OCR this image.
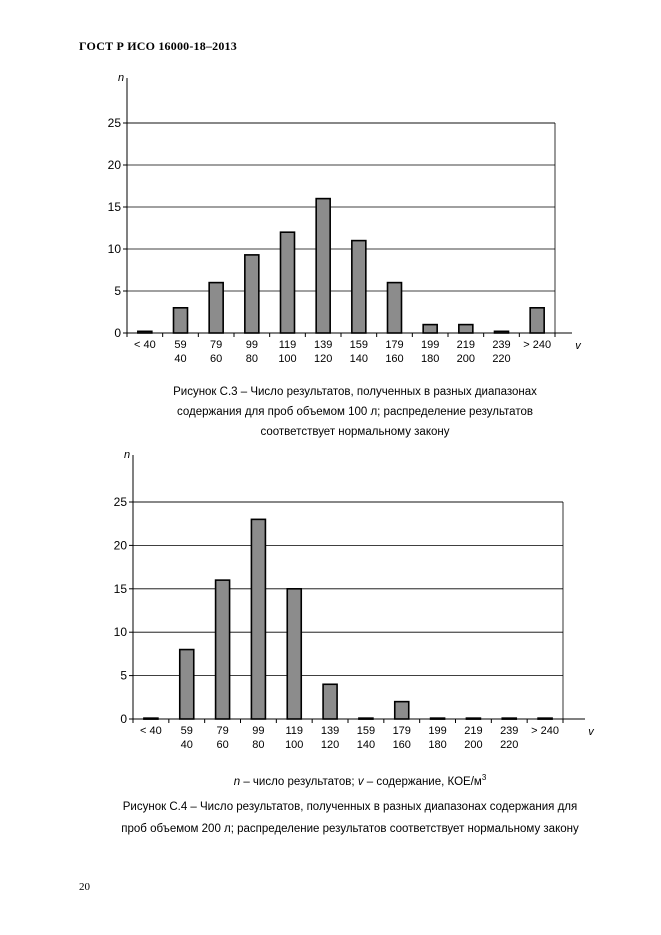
ГОСТ Р ИСО 16000-18–2013
0
5
10
15
20
25
< 40 59
40
79
60
99
80
119
100
139
120
159
140
179
160
199
180
219
200
239
220
> 240
n
v
Рисунок С.3 – Число результатов, полученных в разных диапазонах
содержания для проб объемом 100 л; распределение результатов
соответствует нормальному закону
0
5
10
15
20
25
< 40 59
40
79
60
99
80
119
100
139
120
159
140
179
160
199
180
219
200
239
220
> 240
n
v
n – число результатов; v – содержание, КОЕ/$м^3$
Рисунок С.4 – Число результатов, полученных в разных диапазонах содержания для
проб объемом 200 л; распределение результатов соответствует нормальному закону
20
